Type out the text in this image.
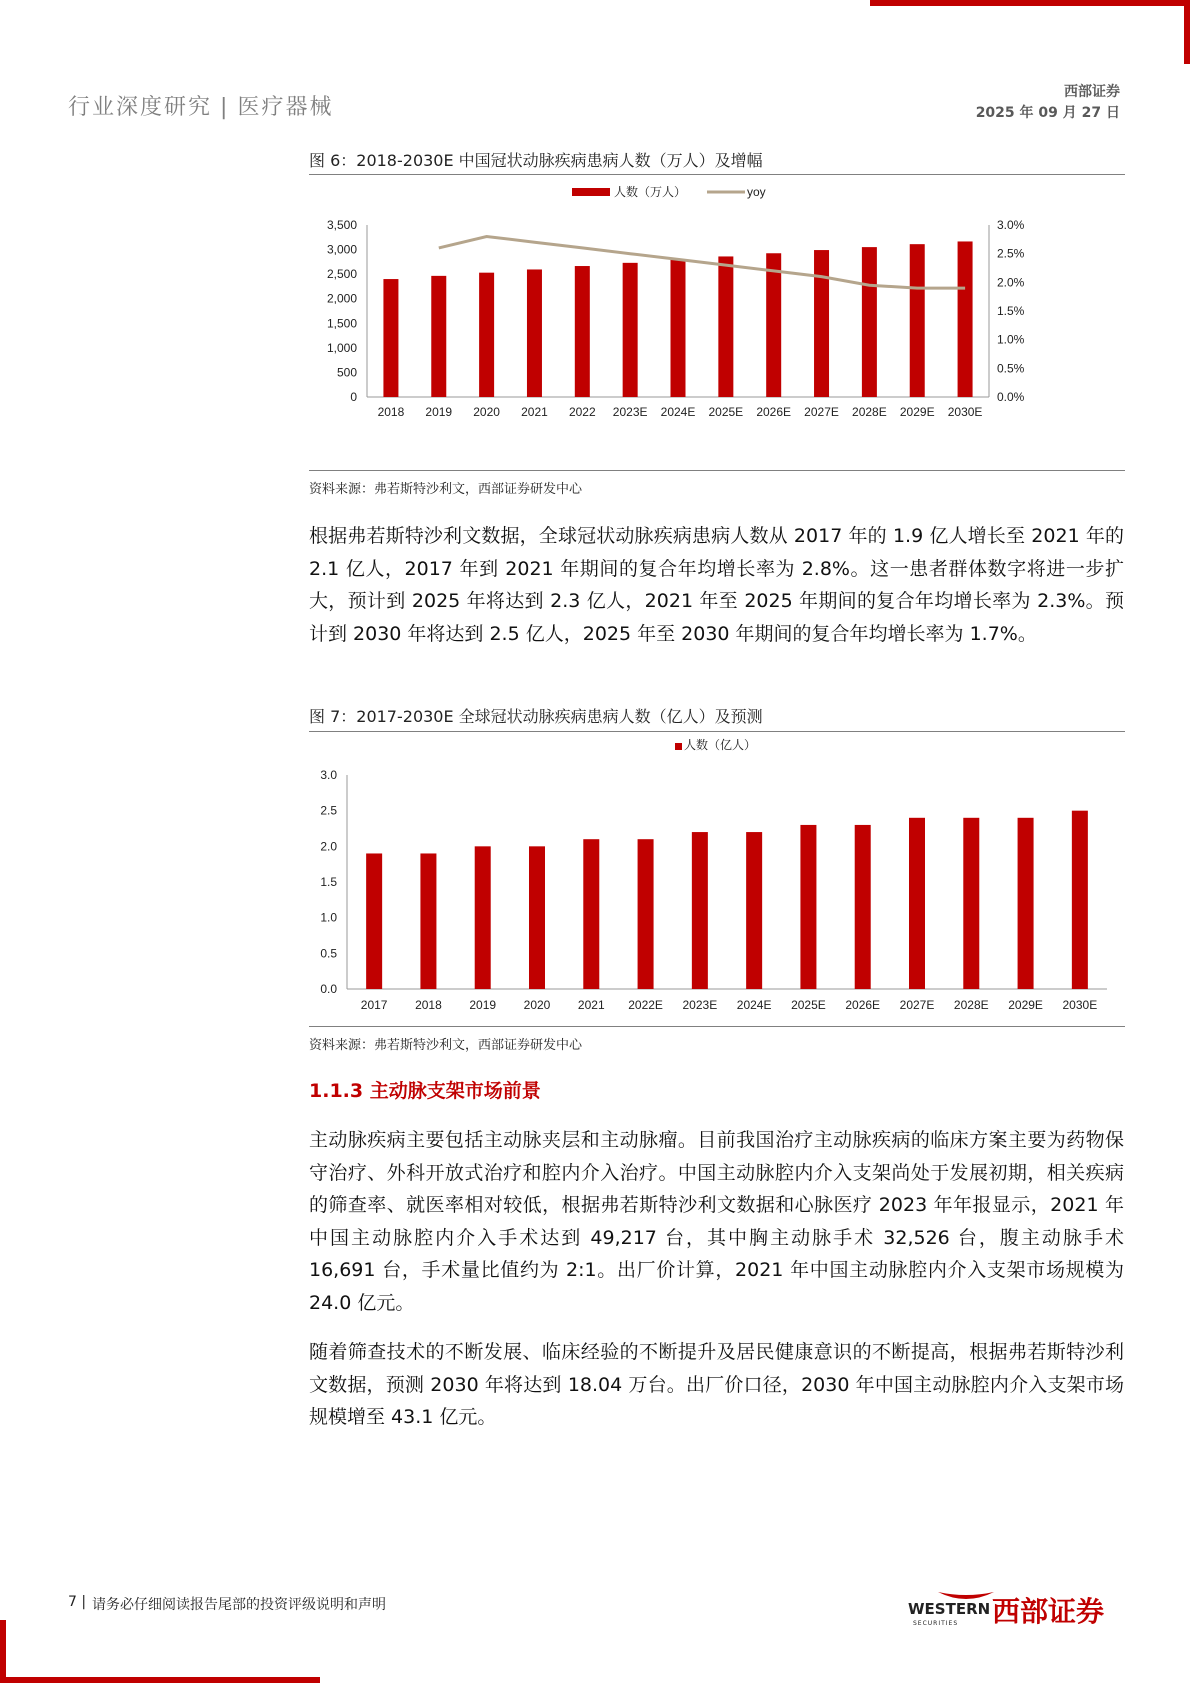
行业深度研究 | 医疗器械
西部证券
2025 年 09 月 27 日
图 6：2018-2030E 中国冠状动脉疾病患病人数（万人）及增幅
人数（万人）	yoy
0
500
1,000
1,500
2,000
2,500
3,000
3,500
0.0%
0.5%
1.0%
1.5%
2.0%
2.5%
3.0%
2018 2019 2020 2021 2022 2023E 2024E 2025E 2026E 2027E 2028E 2029E 2030E
资料来源：弗若斯特沙利文，西部证券研发中心

根据弗若斯特沙利文数据，全球冠状动脉疾病患病人数从 2017 年的 1.9 亿人增长至 2021 年的 2.1 亿人，2017 年到 2021 年期间的复合年均增长率为 2.8%。这一患者群体数字将进一步扩大，预计到 2025 年将达到 2.3 亿人，2021 年至 2025 年期间的复合年均增长率为 2.3%。预计到 2030 年将达到 2.5 亿人，2025 年至 2030 年期间的复合年均增长率为 1.7%。

图 7：2017-2030E 全球冠状动脉疾病患病人数（亿人）及预测
人数（亿人）
0.0
0.5
1.0
1.5
2.0
2.5
3.0
2017 2018 2019 2020 2021 2022E 2023E 2024E 2025E 2026E 2027E 2028E 2029E 2030E
资料来源：弗若斯特沙利文，西部证券研发中心
1.1.3 主动脉支架市场前景

主动脉疾病主要包括主动脉夹层和主动脉瘤。目前我国治疗主动脉疾病的临床方案主要为药物保守治疗、外科开放式治疗和腔内介入治疗。中国主动脉腔内介入支架尚处于发展初期，相关疾病的筛查率、就医率相对较低，根据弗若斯特沙利文数据和心脉医疗 2023 年年报显示，2021 年中国主动脉腔内介入手术达到 49,217 台，其中胸主动脉手术 32,526 台，腹主动脉手术 16,691 台，手术量比值约为 2:1。出厂价计算，2021 年中国主动脉腔内介入支架市场规模为 24.0 亿元。

随着筛查技术的不断发展、临床经验的不断提升及居民健康意识的不断提高，根据弗若斯特沙利文数据，预测 2030 年将达到 18.04 万台。出厂价口径，2030 年中国主动脉腔内介入支架市场规模增至 43.1 亿元。

7 | 请务必仔细阅读报告尾部的投资评级说明和声明	WESTERN
SECURITIES 西部证券
